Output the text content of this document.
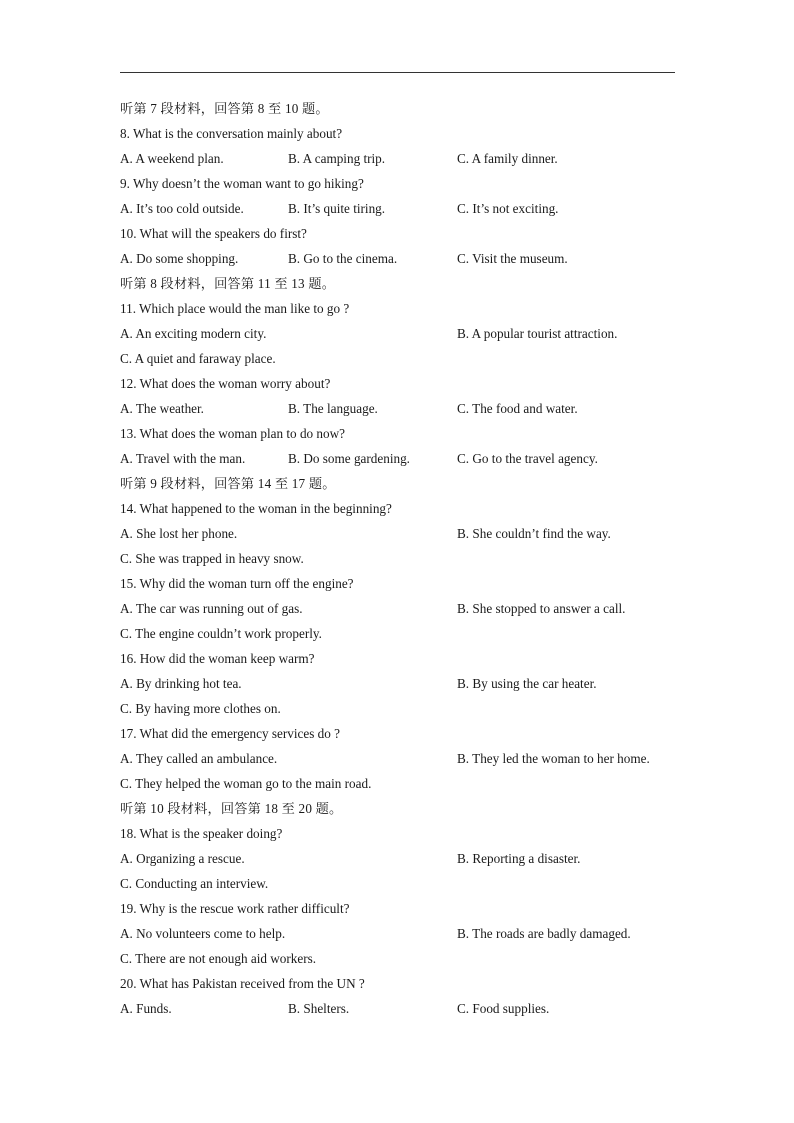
听第 7 段材料，回答第 8 至 10 题。
8. What is the conversation mainly about?
A. A weekend plan.	B. A camping trip.	C. A family dinner.
9. Why doesn’t the woman want to go hiking?
A. It’s too cold outside.	B. It’s quite tiring.	C. It’s not exciting.
10. What will the speakers do first?
A. Do some shopping.	B. Go to the cinema.	C. Visit the museum.
听第 8 段材料，回答第 11 至 13 题。
11. Which place would the man like to go ?
A. An exciting modern city.	B. A popular tourist attraction.
C. A quiet and faraway place.
12. What does the woman worry about?
A. The weather.	B. The language.	C. The food and water.
13. What does the woman plan to do now?
A. Travel with the man.	B. Do some gardening.	C. Go to the travel agency.
听第 9 段材料，回答第 14 至 17 题。
14. What happened to the woman in the beginning?
A. She lost her phone.	B. She couldn’t find the way.
C. She was trapped in heavy snow.
15. Why did the woman turn off the engine?
A. The car was running out of gas.	B. She stopped to answer a call.
C. The engine couldn’t work properly.
16. How did the woman keep warm?
A. By drinking hot tea.	B. By using the car heater.
C. By having more clothes on.
17. What did the emergency services do ?
A. They called an ambulance.	B. They led the woman to her home.
C. They helped the woman go to the main road.
听第 10 段材料，回答第 18 至 20 题。
18. What is the speaker doing?
A. Organizing a rescue.	B. Reporting a disaster.
C. Conducting an interview.
19. Why is the rescue work rather difficult?
A. No volunteers come to help.	B. The roads are badly damaged.
C. There are not enough aid workers.
20. What has Pakistan received from the UN ?
A. Funds.	B. Shelters.	C. Food supplies.
